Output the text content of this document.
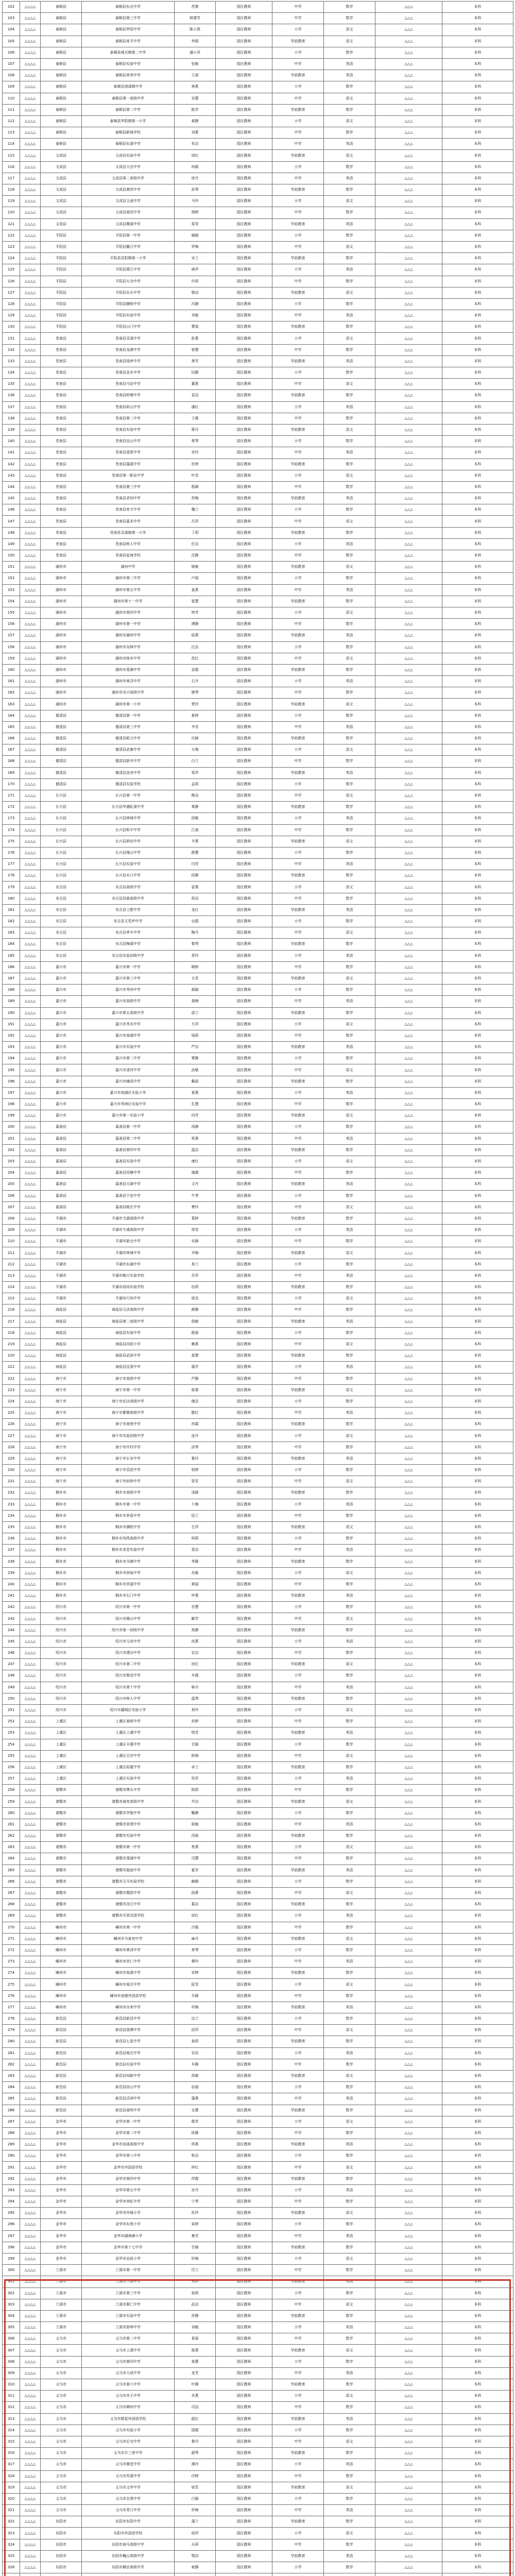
102	△△△△	泰顺县	泰顺县东仓中学	莒黎	园区教师	中学	数学	△△△	本科
103	△△△△	泰顺县	泰顺县第三中学	林建芳	园区教师	中学	数学	△△△	本科
104	△△△△	泰顺县	泰顺县罗阳中学	陈小燕	园区教师	小学	语文	△△△	本科
105	△△△△	泰顺县	泰顺县育才中学	李娟	园区教师	学前教育	语文	△△△	本科
106	△△△△	泰顺县	泰顺县城关镇第二中学	潘小萍	园区教师	小学	数学	△△△	本科
107	△△△△	泰顺县	泰顺县实验中学	张敏	园区教师	中学	英语	△△△	本科
108	△△△△	泰顺县	泰顺县育英中学	王丽	园区教师	学前教育	英语	△△△	本科
109	△△△△	泰顺县	泰顺县泗溪镇中学	林燕	园区教师	小学	数学	△△△	本科
110	△△△△	泰顺县	泰顺县第一高级中学	吴慧	园区教师	中学	语文	△△△	本科
111	△△△△	泰顺县	泰顺县第二中学	陈芳	园区教师	学前教育	数学	△△△	本科
112	△△△△	泰顺县	泰顺县罗阳镇第一小学	黄静	园区教师	小学	语文	△△△	本科
113	△△△△	泰顺县	泰顺县新城学校	刘燕	园区教师	中学	数学	△△△	本科
114	△△△△	泰顺县	泰顺县东溪中学	朱洁	园区教师	中学	英语	△△△	本科
115	△△△△	文成县	文成县实验中学	周红	园区教师	学前教育	语文	△△△	本科
116	△△△△	文成县	文成县大峃中学	何霞	园区教师	小学	数学	△△△	本科
117	△△△△	文成县	文成县第二高级中学	徐丹	园区教师	中学	英语	△△△	本科
118	△△△△	文成县	文成县黄坦中学	孙琴	园区教师	学前教育	数学	△△△	本科
119	△△△△	文成县	文成县玉壶中学	马玲	园区教师	小学	语文	△△△	本科
120	△△△△	文成县	文成县南田中学	胡婷	园区教师	中学	数学	△△△	本科
121	△△△△	文成县	文成县珊溪中学	郑雪	园区教师	学前教育	英语	△△△	本科
122	△△△△	平阳县	平阳县第一中学	谢颖	园区教师	小学	数学	△△△	本科
123	△△△△	平阳县	平阳县鳌江中学	罗梅	园区教师	中学	语文	△△△	本科
124	△△△△	平阳县	平阳县昆阳镇第一小学	宋兰	园区教师	学前教育	数学	△△△	本科
125	△△△△	平阳县	平阳县萧江中学	唐萍	园区教师	小学	英语	△△△	本科
126	△△△△	平阳县	平阳县万全中学	许莉	园区教师	中学	数学	△△△	本科
127	△△△△	平阳县	平阳县水头中学	韩洁	园区教师	学前教育	语文	△△△	本科
128	△△△△	平阳县	平阳县腾蛟中学	冯静	园区教师	小学	数学	△△△	本科
129	△△△△	平阳县	平阳县实验中学	邓敏	园区教师	中学	英语	△△△	本科
130	△△△△	平阳县	平阳县山门中学	曹丽	园区教师	学前教育	数学	△△△	本科
131	△△△△	苍南县	苍南县灵溪中学	彭燕	园区教师	小学	语文	△△△	本科
132	△△△△	苍南县	苍南县龙港中学	曾慧	园区教师	中学	数学	△△△	本科
133	△△△△	苍南县	苍南县钱库中学	萧芳	园区教师	学前教育	英语	△△△	本科
134	△△△△	苍南县	苍南县金乡中学	田静	园区教师	小学	数学	△△△	本科
135	△△△△	苍南县	苍南县马站中学	董燕	园区教师	中学	语文	△△△	本科
136	△△△△	苍南县	苍南县桥墩中学	袁洁	园区教师	学前教育	数学	△△△	本科
137	△△△△	苍南县	苍南县矾山中学	潘红	园区教师	小学	英语	△△△	本科
138	△△△△	苍南县	苍南县第二中学	于霞	园区教师	中学	数学	△△△	本科
139	△△△△	苍南县	苍南县实验中学	蒋丹	园区教师	学前教育	语文	△△△	本科
140	△△△△	苍南县	苍南县宜山中学	蔡琴	园区教师	小学	数学	△△△	本科
141	△△△△	苍南县	苍南县望里中学	余玲	园区教师	中学	英语	△△△	本科
142	△△△△	苍南县	苍南县藻溪中学	杜婷	园区教师	学前教育	数学	△△△	本科
143	△△△△	苍南县	苍南县第一职业中学	叶雪	园区教师	小学	语文	△△△	本科
144	△△△△	苍南县	苍南县第三中学	程颖	园区教师	中学	数学	△△△	本科
145	△△△△	苍南县	苍南县求知中学	苏梅	园区教师	学前教育	英语	△△△	本科
146	△△△△	苍南县	苍南县育才中学	魏兰	园区教师	小学	数学	△△△	本科
147	△△△△	苍南县	苍南县嘉禾中学	吕萍	园区教师	中学	语文	△△△	本科
148	△△△△	苍南县	苍南县灵溪镇第一小学	丁莉	园区教师	学前教育	数学	△△△	本科
149	△△△△	苍南县	苍南县树人中学	任洁	园区教师	小学	英语	△△△	本科
150	△△△△	苍南县	苍南县星海学校	沈静	园区教师	中学	数学	△△△	本科
151	△△△△	湖州市	湖州中学	姚敏	园区教师	学前教育	语文	△△△	本科
152	△△△△	湖州市	湖州市第二中学	卢丽	园区教师	小学	数学	△△△	本科
153	△△△△	湖州市	湖州市第五中学	姜燕	园区教师	中学	英语	△△△	本科
154	△△△△	湖州市	湖州市第十一中学	崔慧	园区教师	学前教育	数学	△△△	本科
155	△△△△	湖州市	湖州市第四中学	钟芳	园区教师	小学	语文	△△△	本科
156	△△△△	湖州市	湖州市第一中学	谭静	园区教师	中学	数学	△△△	本科
157	△△△△	湖州市	湖州市湖州中学	陆燕	园区教师	学前教育	英语	△△△	本科
158	△△△△	湖州市	湖州市双林中学	汪洁	园区教师	小学	数学	△△△	本科
159	△△△△	湖州市	湖州市练市中学	范红	园区教师	中学	语文	△△△	本科
160	△△△△	湖州市	湖州市菱湖中学	金霞	园区教师	学前教育	数学	△△△	本科
161	△△△△	湖州市	湖州市南浔中学	石丹	园区教师	小学	英语	△△△	本科
162	△△△△	湖州市	湖州市吴兴高级中学	廖琴	园区教师	中学	数学	△△△	本科
163	△△△△	湖州市	湖州市第一小学	贾玲	园区教师	学前教育	语文	△△△	本科
164	△△△△	德清县	德清县第一中学	夏婷	园区教师	小学	数学	△△△	本科
165	△△△△	德清县	德清县第三中学	韦雪	园区教师	中学	英语	△△△	本科
166	△△△△	德清县	德清县乾元中学	付颖	园区教师	学前教育	数学	△△△	本科
167	△△△△	德清县	德清县武康中学	方梅	园区教师	小学	语文	△△△	本科
168	△△△△	德清县	德清县新市中学	白兰	园区教师	中学	数学	△△△	本科
169	△△△△	德清县	德清县洛舍中学	邹萍	园区教师	学前教育	英语	△△△	本科
170	△△△△	德清县	德清县实验学校	孟莉	园区教师	小学	数学	△△△	本科
171	△△△△	长兴县	长兴县第一中学	熊洁	园区教师	中学	语文	△△△	本科
172	△△△△	长兴县	长兴县华盛虹溪中学	秦静	园区教师	学前教育	数学	△△△	本科
173	△△△△	长兴县	长兴县林城中学	邱敏	园区教师	小学	英语	△△△	本科
174	△△△△	长兴县	长兴县和平中学	江丽	园区教师	中学	数学	△△△	本科
175	△△△△	长兴县	长兴县泗安中学	尹燕	园区教师	学前教育	语文	△△△	本科
176	△△△△	长兴县	长兴县煤山中学	薛慧	园区教师	小学	数学	△△△	本科
177	△△△△	长兴县	长兴县实验中学	闫芳	园区教师	中学	英语	△△△	本科
178	△△△△	长兴县	长兴县水口中学	段静	园区教师	学前教育	数学	△△△	本科
179	△△△△	安吉县	安吉县高级中学	雷燕	园区教师	小学	语文	△△△	本科
180	△△△△	安吉县	安吉县昌硕高级中学	侯洁	园区教师	中学	数学	△△△	本科
181	△△△△	安吉县	安吉县上墅中学	龙红	园区教师	学前教育	英语	△△△	本科
182	△△△△	安吉县	安吉县天荒坪中学	史霞	园区教师	小学	数学	△△△	本科
183	△△△△	安吉县	安吉县孝丰中学	陶丹	园区教师	中学	语文	△△△	本科
184	△△△△	安吉县	安吉县梅溪中学	黎琴	园区教师	学前教育	数学	△△△	本科
185	△△△△	安吉县	安吉县实验初级中学	贺玲	园区教师	小学	英语	△△△	本科
186	△△△△	嘉兴市	嘉兴市第一中学	顾婷	园区教师	中学	数学	△△△	本科
187	△△△△	嘉兴市	嘉兴市第三中学	毛雪	园区教师	学前教育	语文	△△△	本科
188	△△△△	嘉兴市	嘉兴市秀州中学	郝颖	园区教师	小学	数学	△△△	本科
189	△△△△	嘉兴市	嘉兴市高级中学	龚梅	园区教师	中学	英语	△△△	本科
190	△△△△	嘉兴市	嘉兴市第五高级中学	邵兰	园区教师	学前教育	数学	△△△	本科
191	△△△△	嘉兴市	嘉兴市秀水中学	万萍	园区教师	小学	语文	△△△	本科
192	△△△△	嘉兴市	嘉兴市南湖中学	钱莉	园区教师	中学	数学	△△△	本科
193	△△△△	嘉兴市	嘉兴市实验中学	严洁	园区教师	学前教育	英语	△△△	本科
194	△△△△	嘉兴市	嘉兴市第二中学	覃静	园区教师	小学	数学	△△△	本科
195	△△△△	嘉兴市	嘉兴市清河中学	武敏	园区教师	中学	语文	△△△	本科
196	△△△△	嘉兴市	嘉兴市辅成中学	戴丽	园区教师	学前教育	数学	△△△	本科
197	△△△△	嘉兴市	嘉兴市南湖区实验小学	莫燕	园区教师	小学	英语	△△△	本科
198	△△△△	嘉兴市	嘉兴市秀洲区实验中学	孔慧	园区教师	中学	数学	△△△	本科
199	△△△△	嘉兴市	嘉兴市第一实验小学	向芳	园区教师	学前教育	语文	△△△	本科
200	△△△△	嘉善县	嘉善县第一中学	汤静	园区教师	小学	数学	△△△	本科
201	△△△△	嘉善县	嘉善县第二中学	常燕	园区教师	中学	英语	△△△	本科
202	△△△△	嘉善县	嘉善县第四中学	温洁	园区教师	学前教育	数学	△△△	本科
203	△△△△	嘉善县	嘉善县实验中学	康红	园区教师	小学	语文	△△△	本科
204	△△△△	嘉善县	嘉善县西塘中学	施霞	园区教师	中学	数学	△△△	本科
205	△△△△	嘉善县	嘉善县天凝中学	文丹	园区教师	学前教育	英语	△△△	本科
206	△△△△	嘉善县	嘉善县干窑中学	牛琴	园区教师	小学	数学	△△△	本科
207	△△△△	嘉善县	嘉善县姚庄中学	樊玲	园区教师	中学	语文	△△△	本科
208	△△△△	平湖市	平湖市当湖高级中学	葛婷	园区教师	学前教育	数学	△△△	本科
209	△△△△	平湖市	平湖市乍浦高级中学	邢雪	园区教师	小学	英语	△△△	本科
210	△△△△	平湖市	平湖市新仓中学	安颖	园区教师	中学	数学	△△△	本科
211	△△△△	平湖市	平湖市林埭中学	齐梅	园区教师	学前教育	语文	△△△	本科
212	△△△△	平湖市	平湖市东湖中学	易兰	园区教师	小学	数学	△△△	本科
213	△△△△	平湖市	平湖市稚川实验学校	乔萍	园区教师	中学	英语	△△△	本科
214	△△△△	平湖市	平湖市叔同实验学校	伍莉	园区教师	学前教育	数学	△△△	本科
215	△△△△	平湖市	平湖市行知中学	庞洁	园区教师	小学	语文	△△△	本科
216	△△△△	海盐县	海盐县元济高级中学	颜静	园区教师	中学	数学	△△△	本科
217	△△△△	海盐县	海盐县第二高级中学	倪敏	园区教师	学前教育	英语	△△△	本科
218	△△△△	海盐县	海盐县实验中学	殷丽	园区教师	小学	数学	△△△	本科
219	△△△△	海盐县	海盐县向阳小学	赖燕	园区教师	中学	语文	△△△	本科
220	△△△△	海盐县	海盐县武原中学	聂慧	园区教师	学前教育	数学	△△△	本科
221	△△△△	海盐县	海盐县沈荡中学	蒲芳	园区教师	小学	英语	△△△	本科
222	△△△△	海宁市	海宁市高级中学	芦静	园区教师	中学	数学	△△△	本科
223	△△△△	海宁市	海宁市第一中学	邬燕	园区教师	学前教育	语文	△△△	本科
224	△△△△	海宁市	海宁市宏达高级中学	储洁	园区教师	小学	数学	△△△	本科
225	△△△△	海宁市	海宁市紫微高级中学	滕红	园区教师	中学	英语	△△△	本科
226	△△△△	海宁市	海宁市南苑中学	冉霞	园区教师	学前教育	数学	△△△	本科
227	△△△△	海宁市	海宁市实验初级中学	连丹	园区教师	小学	语文	△△△	本科
228	△△△△	海宁市	海宁市许村中学	涂琴	园区教师	中学	数学	△△△	本科
229	△△△△	海宁市	海宁市长安中学	鲁玲	园区教师	学前教育	英语	△△△	本科
230	△△△△	海宁市	海宁市袁花中学	柏婷	园区教师	小学	数学	△△△	本科
231	△△△△	海宁市	海宁市斜桥中学	管雪	园区教师	中学	语文	△△△	本科
232	△△△△	桐乡市	桐乡市高级中学	凌颖	园区教师	学前教育	数学	△△△	本科
233	△△△△	桐乡市	桐乡市第一中学	卜梅	园区教师	小学	英语	△△△	本科
234	△△△△	桐乡市	桐乡市茅盾中学	屈兰	园区教师	中学	数学	△△△	本科
235	△△△△	桐乡市	桐乡市濮院中学	左萍	园区教师	学前教育	语文	△△△	本科
236	△△△△	桐乡市	桐乡市凤鸣高级中学	柯莉	园区教师	小学	数学	△△△	本科
237	△△△△	桐乡市	桐乡市求是实验中学	裴洁	园区教师	中学	英语	△△△	本科
238	△△△△	桐乡市	桐乡市乌镇中学	季静	园区教师	学前教育	数学	△△△	本科
239	△△△△	桐乡市	桐乡市洲泉中学	岳敏	园区教师	小学	语文	△△△	本科
240	△△△△	桐乡市	桐乡市崇福中学	黄丽	园区教师	中学	数学	△△△	本科
241	△△△△	桐乡市	桐乡市石门中学	申燕	园区教师	学前教育	英语	△△△	本科
242	△△△△	绍兴市	绍兴市第一中学	宫慧	园区教师	小学	数学	△△△	本科
243	△△△△	绍兴市	绍兴市稽山中学	解芳	园区教师	中学	语文	△△△	本科
244	△△△△	绍兴市	绍兴市第一初级中学	焦静	园区教师	学前教育	数学	△△△	本科
245	△△△△	绍兴市	绍兴市元培中学	尚燕	园区教师	小学	英语	△△△	本科
246	△△△△	绍兴市	绍兴市建功中学	农洁	园区教师	中学	数学	△△△	本科
247	△△△△	绍兴市	绍兴市第二中学	房红	园区教师	学前教育	语文	△△△	本科
248	△△△△	绍兴市	绍兴市鲁迅中学	车霞	园区教师	小学	数学	△△△	本科
249	△△△△	绍兴市	绍兴市第十中学	柴丹	园区教师	中学	英语	△△△	本科
250	△△△△	绍兴市	绍兴市树人中学	温琴	园区教师	学前教育	数学	△△△	本科
251	△△△△	绍兴市	绍兴市越城区实验小学	祝玲	园区教师	小学	语文	△△△	本科
252	△△△△	上虞区	上虞区春晖中学	封婷	园区教师	中学	数学	△△△	本科
253	△△△△	上虞区	上虞区上虞中学	明雪	园区教师	学前教育	英语	△△△	本科
254	△△△△	上虞区	上虞区丰惠中学	甘颖	园区教师	小学	数学	△△△	本科
255	△△△△	上虞区	上虞区百官中学	欧梅	园区教师	中学	语文	△△△	本科
256	△△△△	上虞区	上虞区崧厦中学	卓兰	园区教师	学前教育	数学	△△△	本科
257	△△△△	上虞区	上虞区实验中学	符萍	园区教师	小学	英语	△△△	本科
258	△△△△	诸暨市	诸暨市牌头中学	简莉	园区教师	中学	数学	△△△	本科
259	△△△△	诸暨市	诸暨市海亮高级中学	井洁	园区教师	学前教育	语文	△△△	本科
260	△△△△	诸暨市	诸暨市学勉中学	鞠静	园区教师	小学	数学	△△△	本科
261	△△△△	诸暨市	诸暨市草塔中学	桂敏	园区教师	中学	英语	△△△	本科
262	△△△△	诸暨市	诸暨市实验中学	闵丽	园区教师	学前教育	数学	△△△	本科
263	△△△△	诸暨市	诸暨市第一中学	焦燕	园区教师	小学	语文	△△△	本科
264	△△△△	诸暨市	诸暨市浬浦中学	司慧	园区教师	中学	数学	△△△	本科
265	△△△△	诸暨市	诸暨市湄池中学	霍芳	园区教师	学前教育	英语	△△△	本科
266	△△△△	诸暨市	诸暨市天马实验学校	赫静	园区教师	小学	数学	△△△	本科
267	△△△△	诸暨市	诸暨市暨阳中学	阎燕	园区教师	中学	语文	△△△	本科
268	△△△△	诸暨市	诸暨市浣江中学	慕洁	园区教师	学前教育	数学	△△△	本科
269	△△△△	诸暨市	诸暨市开放双语学校	邰红	园区教师	小学	英语	△△△	本科
270	△△△△	嵊州市	嵊州市第一中学	沙霞	园区教师	中学	数学	△△△	本科
271	△△△△	嵊州市	嵊州市马寅初中学	麻丹	园区教师	学前教育	语文	△△△	本科
272	△△△△	嵊州市	嵊州市黄泽中学	茅琴	园区教师	小学	数学	△△△	本科
273	△△△△	嵊州市	嵊州市崇仁中学	穆玲	园区教师	中学	英语	△△△	本科
274	△△△△	嵊州市	嵊州市剡溪中学	祁婷	园区教师	学前教育	数学	△△△	本科
275	△△△△	嵊州市	嵊州市城关中学	阮雪	园区教师	小学	语文	△△△	本科
276	△△△△	嵊州市	嵊州市爱德外国语学校	丰颖	园区教师	中学	数学	△△△	本科
277	△△△△	嵊州市	嵊州市谷来中学	巩梅	园区教师	学前教育	英语	△△△	本科
278	△△△△	新昌县	新昌县新昌中学	边兰	园区教师	小学	数学	△△△	本科
279	△△△△	新昌县	新昌县澄潭中学	居萍	园区教师	中学	语文	△△△	本科
280	△△△△	新昌县	新昌县七星中学	查莉	园区教师	学前教育	数学	△△△	本科
281	△△△△	新昌县	新昌县城关中学	谷洁	园区教师	小学	英语	△△△	本科
282	△△△△	新昌县	新昌县实验中学	车静	园区教师	中学	数学	△△△	本科
283	△△△△	新昌县	新昌县知新中学	侯敏	园区教师	学前教育	语文	△△△	本科
284	△△△△	新昌县	新昌县回山中学	宓丽	园区教师	小学	数学	△△△	本科
285	△△△△	新昌县	新昌县沃洲中学	蓬燕	园区教师	中学	英语	△△△	本科
286	△△△△	新昌县	新昌县南明中学	全慧	园区教师	学前教育	数学	△△△	本科
287	△△△△	金华市	金华市第一中学	郗芳	园区教师	小学	语文	△△△	本科
288	△△△△	金华市	金华市第二中学	班静	园区教师	中学	数学	△△△	本科
289	△△△△	金华市	金华市汤溪高级中学	仰燕	园区教师	学前教育	英语	△△△	本科
290	△△△△	金华市	金华市第八中学	秋洁	园区教师	小学	数学	△△△	本科
291	△△△△	金华市	金华市外国语学校	仲红	园区教师	中学	语文	△△△	本科
292	△△△△	金华市	金华市第四中学	伊霞	园区教师	学前教育	数学	△△△	本科
293	△△△△	金华市	金华市第五中学	宫丹	园区教师	小学	英语	△△△	本科
294	△△△△	金华市	金华市宾虹中学	宁琴	园区教师	中学	数学	△△△	本科
295	△△△△	金华市	金华市环城小学	仇玲	园区教师	学前教育	语文	△△△	本科
296	△△△△	金华市	金华市东苑小学	栾婷	园区教师	小学	数学	△△△	本科
297	△△△△	金华市	金华市湖海塘小学	暴雪	园区教师	中学	英语	△△△	本科
298	△△△△	金华市	金华市第十七中学	甘颖	园区教师	学前教育	数学	△△△	本科
299	△△△△	金华市	金华市站前小学	钭梅	园区教师	小学	语文	△△△	本科
300	△△△△	兰溪市	兰溪市第一中学	厉兰	园区教师	中学	数学	△△△	本科
301	△△△△	兰溪市	兰溪市兰荫中学	戎萍	园区教师	学前教育	英语	△△△	本科
302	△△△△	兰溪市	兰溪市第三中学	祖莉	园区教师	小学	数学	△△△	本科
303	△△△△	兰溪市	兰溪市聚仁中学	武洁	园区教师	中学	语文	△△△	本科
304	△△△△	兰溪市	兰溪市实验中学	符静	园区教师	学前教育	数学	△△△	本科
305	△△△△	兰溪市	兰溪市游埠中学	刘敏	园区教师	小学	英语	△△△	本科
306	△△△△	义乌市	义乌市第二中学	景丽	园区教师	中学	数学	△△△	本科
307	△△△△	义乌市	义乌市上溪中学	詹燕	园区教师	学前教育	语文	△△△	本科
308	△△△△	义乌市	义乌市第四中学	束慧	园区教师	小学	数学	△△△	本科
309	△△△△	义乌市	义乌市大成中学	龙芳	园区教师	中学	英语	△△△	本科
310	△△△△	义乌市	义乌市第六中学	叶静	园区教师	学前教育	数学	△△△	本科
311	△△△△	义乌市	义乌市宾王中学	幸燕	园区教师	小学	语文	△△△	本科
312	△△△△	义乌市	义乌市稠州中学	司洁	园区教师	中学	数学	△△△	本科
313	△△△△	义乌市	义乌市群星外国语学校	韶红	园区教师	学前教育	英语	△△△	本科
314	△△△△	义乌市	义乌市实验小学	郜霞	园区教师	小学	数学	△△△	本科
315	△△△△	义乌市	义乌市后宅中学	黎丹	园区教师	中学	语文	△△△	本科
316	△△△△	义乌市	义乌市廿三里中学	蓟琴	园区教师	学前教育	数学	△△△	本科
317	△△△△	义乌市	义乌市佛堂中学	薄玲	园区教师	小学	英语	△△△	本科
318	△△△△	义乌市	义乌市苏溪中学	印婷	园区教师	中学	数学	△△△	本科
319	△△△△	义乌市	义乌市义亭中学	宿雪	园区教师	学前教育	语文	△△△	本科
320	△△△△	义乌市	义乌市北苑中学	白颖	园区教师	小学	数学	△△△	本科
321	△△△△	义乌市	义乌市青口中学	怀梅	园区教师	中学	英语	△△△	本科
322	△△△△	东阳市	东阳市东阳中学	蒲兰	园区教师	学前教育	数学	△△△	本科
323	△△△△	东阳市	东阳市外国语学校	邰萍	园区教师	小学	语文	△△△	本科
324	△△△△	东阳市	东阳市南马高级中学	从莉	园区教师	中学	数学	△△△	本科
325	△△△△	东阳市	东阳市巍山高级中学	鄂洁	园区教师	学前教育	英语	△△△	本科
326	△△△△	东阳市	东阳市横店高级中学	索静	园区教师	小学	数学	△△△	本科
